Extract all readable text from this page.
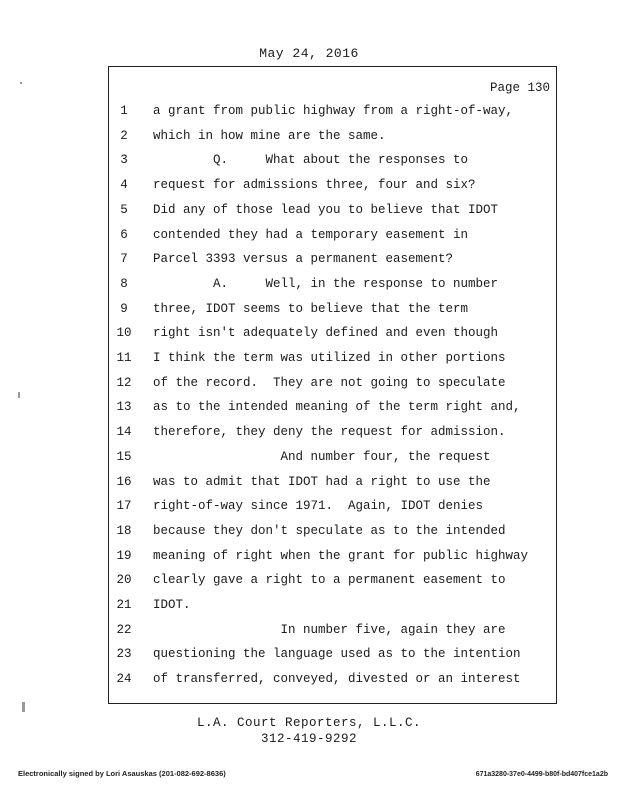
May 24, 2016
Page 130
1	a grant from public highway from a right-of-way,
2	which in how mine are the same.
3	Q.     What about the responses to
4	request for admissions three, four and six?
5	Did any of those lead you to believe that IDOT
6	contended they had a temporary easement in
7	Parcel 3393 versus a permanent easement?
8	A.     Well, in the response to number
9	three, IDOT seems to believe that the term
10	right isn't adequately defined and even though
11	I think the term was utilized in other portions
12	of the record.  They are not going to speculate
13	as to the intended meaning of the term right and,
14	therefore, they deny the request for admission.
15	And number four, the request
16	was to admit that IDOT had a right to use the
17	right-of-way since 1971.  Again, IDOT denies
18	because they don't speculate as to the intended
19	meaning of right when the grant for public highway
20	clearly gave a right to a permanent easement to
21	IDOT.
22	In number five, again they are
23	questioning the language used as to the intention
24	of transferred, conveyed, divested or an interest
L.A. Court Reporters, L.L.C.
312-419-9292
Electronically signed by Lori Asauskas (201-082-692-8636)	671a3280-37e0-4499-b80f-bd407fce1a2b
